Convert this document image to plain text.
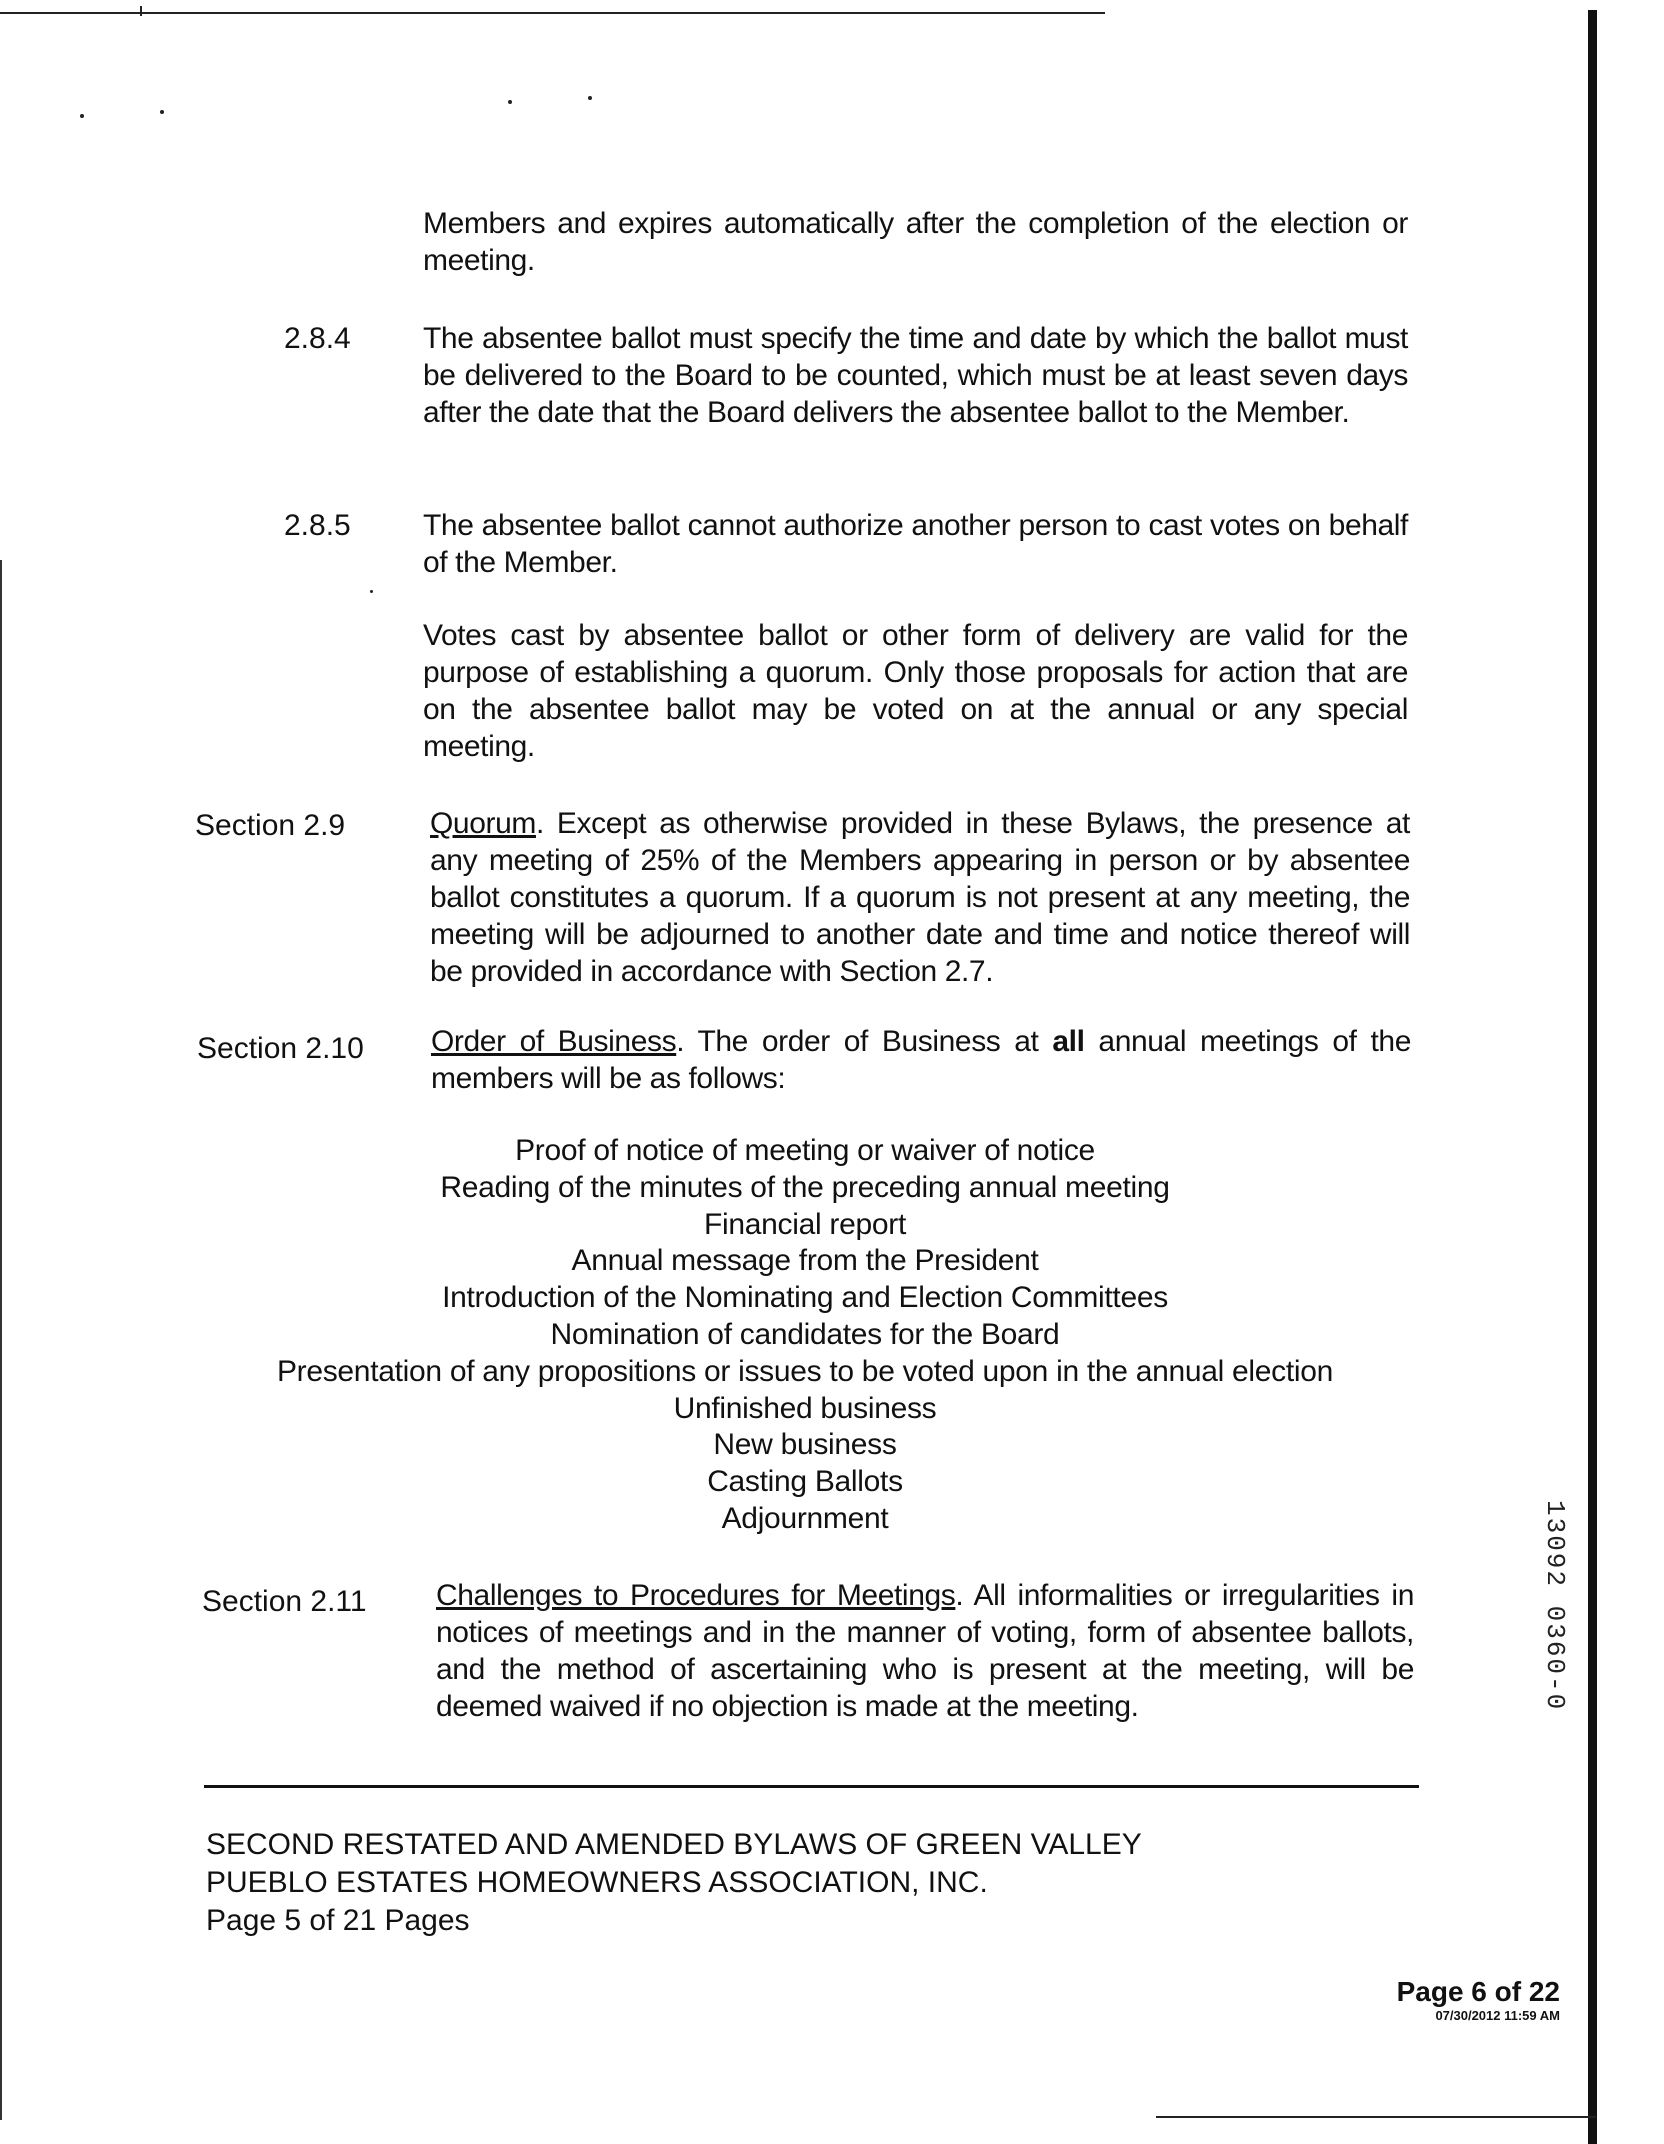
Members and expires automatically after the completion of the election or meeting.
2.8.4 The absentee ballot must specify the time and date by which the ballot must be delivered to the Board to be counted, which must be at least seven days after the date that the Board delivers the absentee ballot to the Member.
2.8.5 The absentee ballot cannot authorize another person to cast votes on behalf of the Member.
Votes cast by absentee ballot or other form of delivery are valid for the purpose of establishing a quorum. Only those proposals for action that are on the absentee ballot may be voted on at the annual or any special meeting.
Section 2.9	Quorum. Except as otherwise provided in these Bylaws, the presence at any meeting of 25% of the Members appearing in person or by absentee ballot constitutes a quorum. If a quorum is not present at any meeting, the meeting will be adjourned to another date and time and notice thereof will be provided in accordance with Section 2.7.
Section 2.10 Order of Business. The order of Business at all annual meetings of the members will be as follows:
Proof of notice of meeting or waiver of notice
Reading of the minutes of the preceding annual meeting
Financial report
Annual message from the President
Introduction of the Nominating and Election Committees
Nomination of candidates for the Board
Presentation of any propositions or issues to be voted upon in the annual election
Unfinished business
New business
Casting Ballots
Adjournment
Section 2.11 Challenges to Procedures for Meetings. All informalities or irregularities in notices of meetings and in the manner of voting, form of absentee ballots, and the method of ascertaining who is present at the meeting, will be deemed waived if no objection is made at the meeting.	13092 0360-0
SECOND RESTATED AND AMENDED BYLAWS OF GREEN VALLEY
PUEBLO ESTATES HOMEOWNERS ASSOCIATION, INC.
Page 5 of 21 Pages
Page 6 of 22
07/30/2012 11:59 AM
